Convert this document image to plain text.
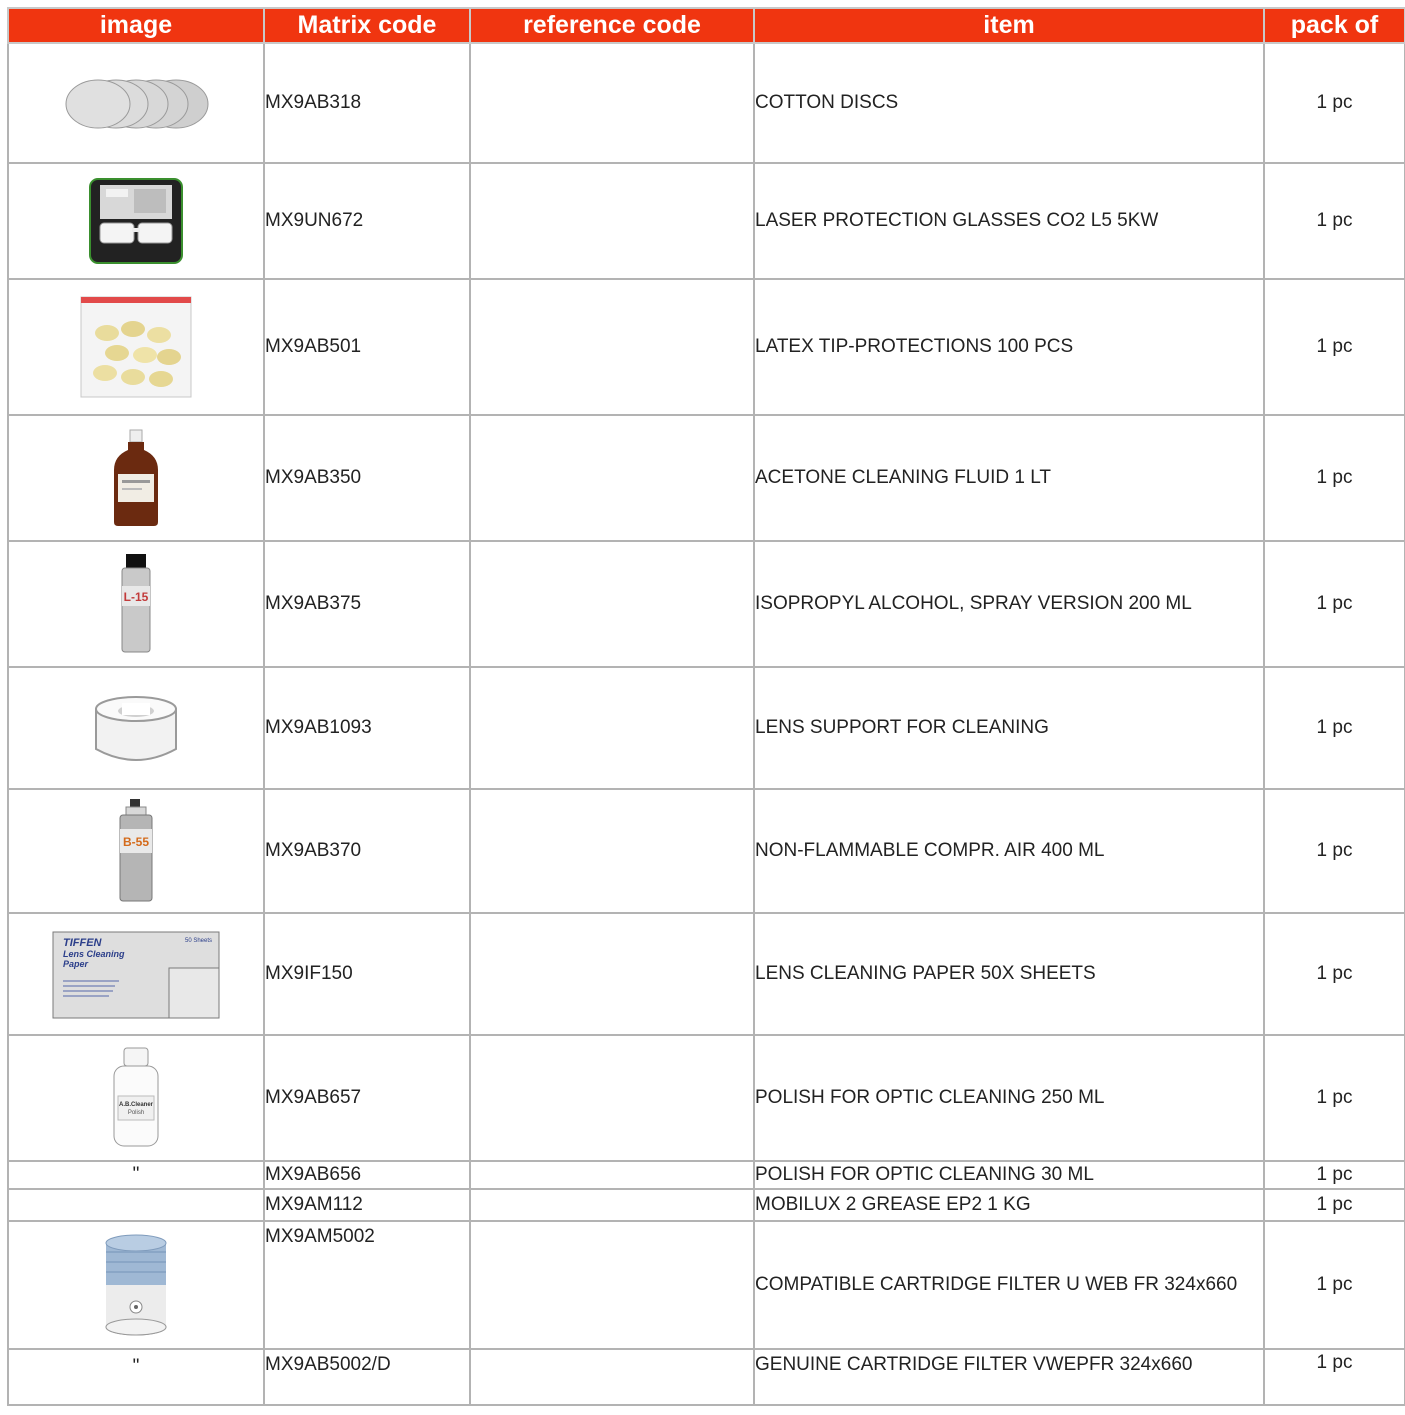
image	Matrix code	reference code	item	pack of
	MX9AB318		COTTON DISCS	1 pc
	MX9UN672		LASER PROTECTION GLASSES CO2 L5 5KW	1 pc
	MX9AB501		LATEX TIP-PROTECTIONS 100 PCS	1 pc
	MX9AB350		ACETONE CLEANING FLUID 1 LT	1 pc

L-15	MX9AB375		ISOPROPYL ALCOHOL, SPRAY VERSION 200 ML	1 pc
	MX9AB1093		LENS SUPPORT FOR CLEANING	1 pc

B-55	MX9AB370		NON-FLAMMABLE COMPR. AIR 400 ML	1 pc

TIFFEN
Lens Cleaning
Paper
50 Sheets	MX9IF150		LENS CLEANING PAPER 50X SHEETS	1 pc

A.B.Cleaner
Polish	MX9AB657		POLISH FOR OPTIC CLEANING 250 ML	1 pc
"	MX9AB656		POLISH FOR OPTIC CLEANING 30 ML	1 pc
	MX9AM112		MOBILUX 2 GREASE EP2 1 KG	1 pc
	MX9AM5002		COMPATIBLE CARTRIDGE FILTER U WEB FR 324x660	1 pc
"	MX9AB5002/D		GENUINE CARTRIDGE FILTER VWEPFR 324x660	1 pc
